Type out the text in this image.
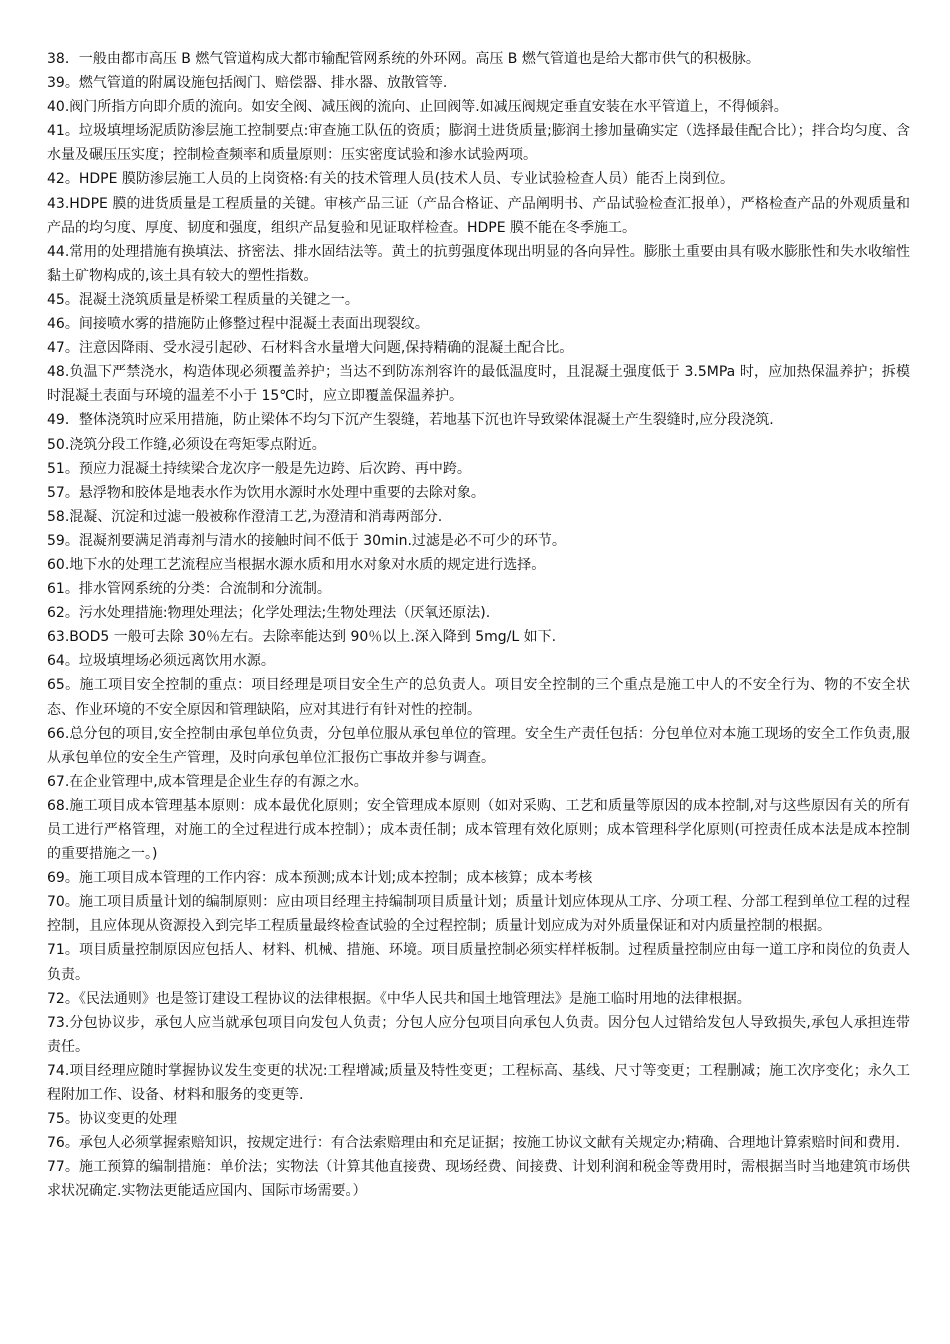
38．一般由都市高压 B 燃气管道构成大都市输配管网系统的外环网。高压 B 燃气管道也是给大都市供气的积极脉。

39。燃气管道的附属设施包括阀门、赔偿器、排水器、放散管等.

40.阀门所指方向即介质的流向。如安全阀、减压阀的流向、止回阀等.如减压阀规定垂直安装在水平管道上，不得倾斜。

41。垃圾填埋场泥质防渗层施工控制要点:审查施工队伍的资质；膨润土进货质量;膨润土掺加量确实定（选择最佳配合比）；拌合均匀度、含水量及碾压压实度；控制检查频率和质量原则：压实密度试验和渗水试验两项。

42。HDPE 膜防渗层施工人员的上岗资格:有关的技术管理人员(技术人员、专业试验检查人员）能否上岗到位。

43.HDPE 膜的进货质量是工程质量的关键。审核产品三证（产品合格证、产品阐明书、产品试验检查汇报单），严格检查产品的外观质量和产品的均匀度、厚度、韧度和强度，组织产品复验和见证取样检查。HDPE 膜不能在冬季施工。

44.常用的处理措施有换填法、挤密法、排水固结法等。黄土的抗剪强度体现出明显的各向异性。膨胀土重要由具有吸水膨胀性和失水收缩性黏土矿物构成的,该土具有较大的塑性指数。

45。混凝土浇筑质量是桥梁工程质量的关键之一。

46。间接喷水雾的措施防止修整过程中混凝土表面出现裂纹。

47。注意因降雨、受水浸引起砂、石材料含水量增大问题,保持精确的混凝土配合比。

48.负温下严禁浇水，构造体现必须覆盖养护；当达不到防冻剂容许的最低温度时，且混凝土强度低于 3.5MPa 时，应加热保温养护；拆模时混凝土表面与环境的温差不小于 15℃时，应立即覆盖保温养护。

49．整体浇筑时应采用措施，防止梁体不均匀下沉产生裂缝，若地基下沉也许导致梁体混凝土产生裂缝时,应分段浇筑.

50.浇筑分段工作缝,必须设在弯矩零点附近。

51。预应力混凝土持续梁合龙次序一般是先边跨、后次跨、再中跨。

57。悬浮物和胶体是地表水作为饮用水源时水处理中重要的去除对象。

58.混凝、沉淀和过滤一般被称作澄清工艺,为澄清和消毒两部分.

59。混凝剂要满足消毒剂与清水的接触时间不低于 30min.过滤是必不可少的环节。

60.地下水的处理工艺流程应当根据水源水质和用水对象对水质的规定进行选择。

61。排水管网系统的分类：合流制和分流制。

62。污水处理措施:物理处理法；化学处理法;生物处理法（厌氧还原法).

63.BOD5 一般可去除 30％左右。去除率能达到 90％以上.深入降到 5mg/L 如下.

64。垃圾填埋场必须远离饮用水源。

65。施工项目安全控制的重点：项目经理是项目安全生产的总负责人。项目安全控制的三个重点是施工中人的不安全行为、物的不安全状态、作业环境的不安全原因和管理缺陷，应对其进行有针对性的控制。

66.总分包的项目,安全控制由承包单位负责，分包单位服从承包单位的管理。安全生产责任包括：分包单位对本施工现场的安全工作负责,服从承包单位的安全生产管理，及时向承包单位汇报伤亡事故并参与调查。

67.在企业管理中,成本管理是企业生存的有源之水。

68.施工项目成本管理基本原则：成本最优化原则；安全管理成本原则（如对采购、工艺和质量等原因的成本控制,对与这些原因有关的所有员工进行严格管理，对施工的全过程进行成本控制）；成本责任制；成本管理有效化原则；成本管理科学化原则(可控责任成本法是成本控制的重要措施之一。)

69。施工项目成本管理的工作内容：成本预测;成本计划;成本控制；成本核算；成本考核

70。施工项目质量计划的编制原则：应由项目经理主持编制项目质量计划；质量计划应体现从工序、分项工程、分部工程到单位工程的过程控制，且应体现从资源投入到完毕工程质量最终检查试验的全过程控制；质量计划应成为对外质量保证和对内质量控制的根据。

71。项目质量控制原因应包括人、材料、机械、措施、环境。项目质量控制必须实样样板制。过程质量控制应由每一道工序和岗位的负责人负责。

72。《民法通则》也是签订建设工程协议的法律根据。《中华人民共和国土地管理法》是施工临时用地的法律根据。

73.分包协议步，承包人应当就承包项目向发包人负责；分包人应分包项目向承包人负责。因分包人过错给发包人导致损失,承包人承担连带责任。

74.项目经理应随时掌握协议发生变更的状况:工程增减;质量及特性变更；工程标高、基线、尺寸等变更；工程删减；施工次序变化；永久工程附加工作、设备、材料和服务的变更等.

75。协议变更的处理

76。承包人必须掌握索赔知识，按规定进行：有合法索赔理由和充足证据；按施工协议文献有关规定办;精确、合理地计算索赔时间和费用.

77。施工预算的编制措施：单价法；实物法（计算其他直接费、现场经费、间接费、计划利润和税金等费用时，需根据当时当地建筑市场供求状况确定.实物法更能适应国内、国际市场需要。）
